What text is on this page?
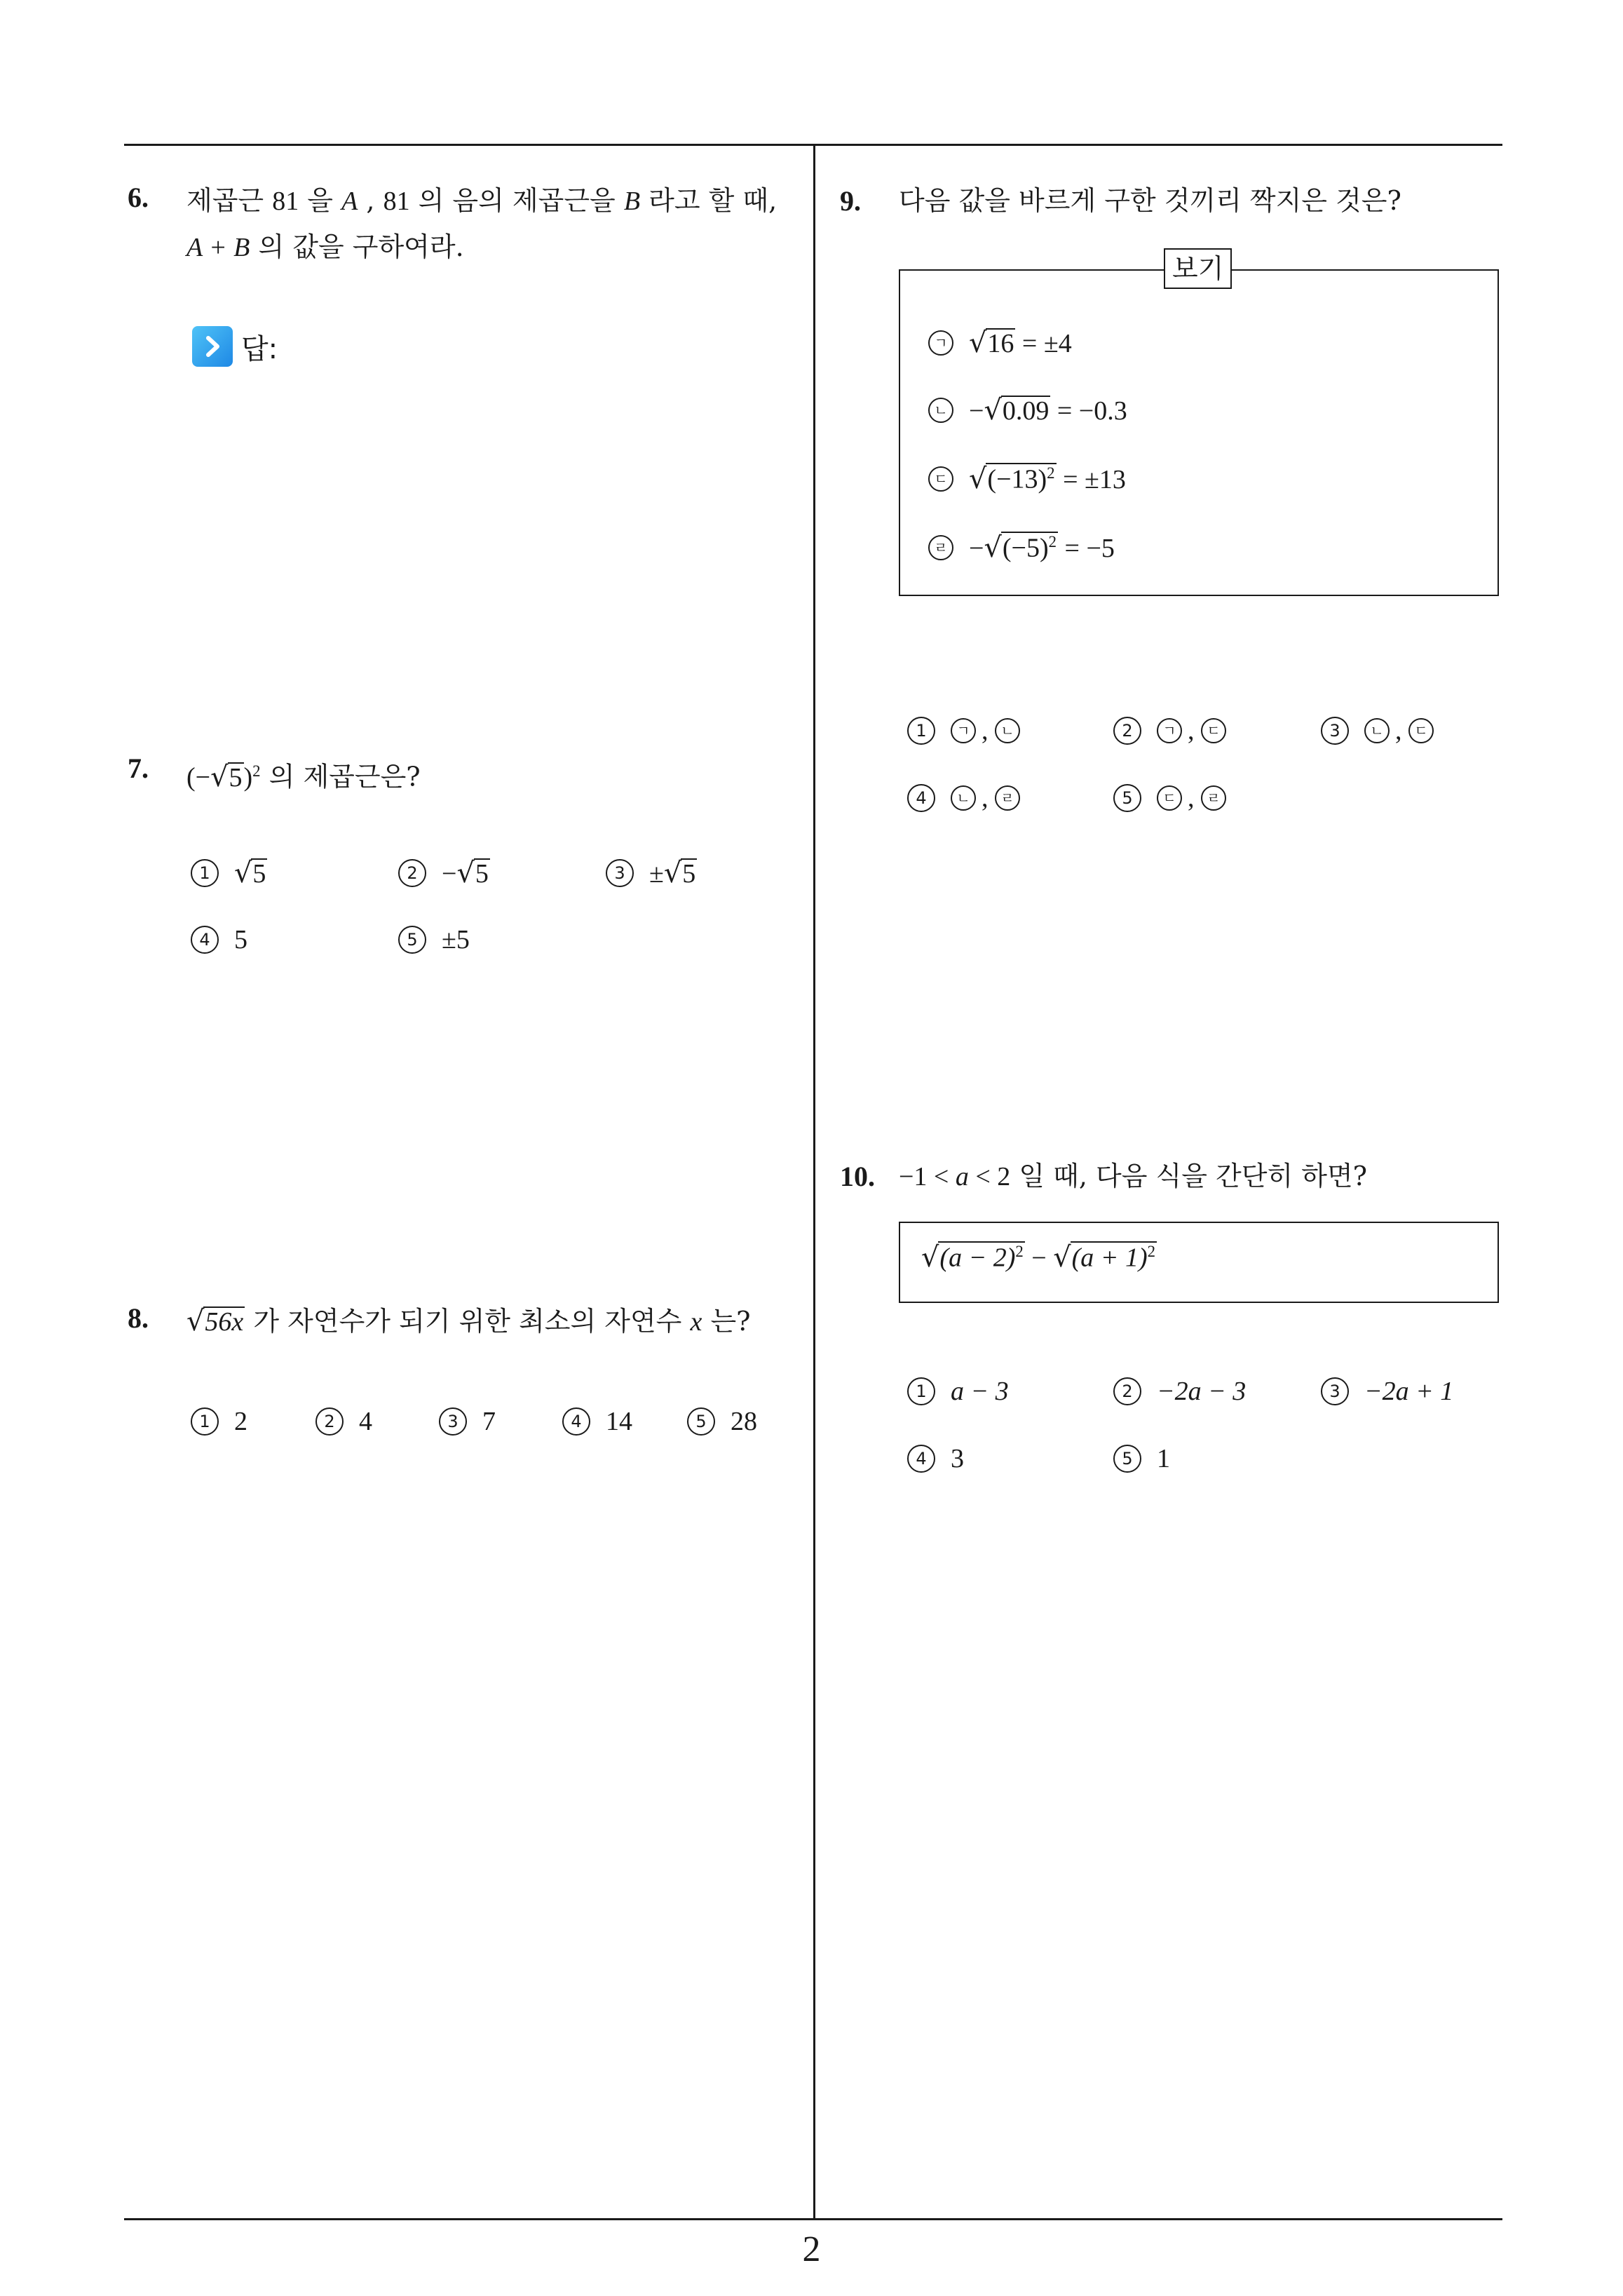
2
6. 제곱근 81 을 A , 81 의 음의 제곱근을 B 라고 할 때,
A + B 의 값을 구하여라.
답:
7. $(-√5)^2$ 의 제곱근은?
1 √5	2 −√5	3 ±√5
4 5	5 ±5
8. √56x 가 자연수가 되기 위한 최소의 자연수 x 는?
1 2	2 4	3 7	4 14	5 28
9. 다음 값을 바르게 구한 것끼리 짝지은 것은?
보기
ㄱ √16 = ±4
ㄴ −√0.09 = −0.3
ㄷ $√(-13)^2 = \pm 13$
ㄹ $-√(-5)^2 = -5$
1	ㄱ , ㄴ	2	ㄱ , ㄷ	3	ㄴ , ㄷ
4	ㄴ , ㄹ	5	ㄷ , ㄹ
10. −1 < a < 2 일 때, 다음 식을 간단히 하면?
$√(a - 2)^2 - √(a + 1)^2$
1 a − 3	2 −2a − 3	3 −2a + 1
4 3	5 1
